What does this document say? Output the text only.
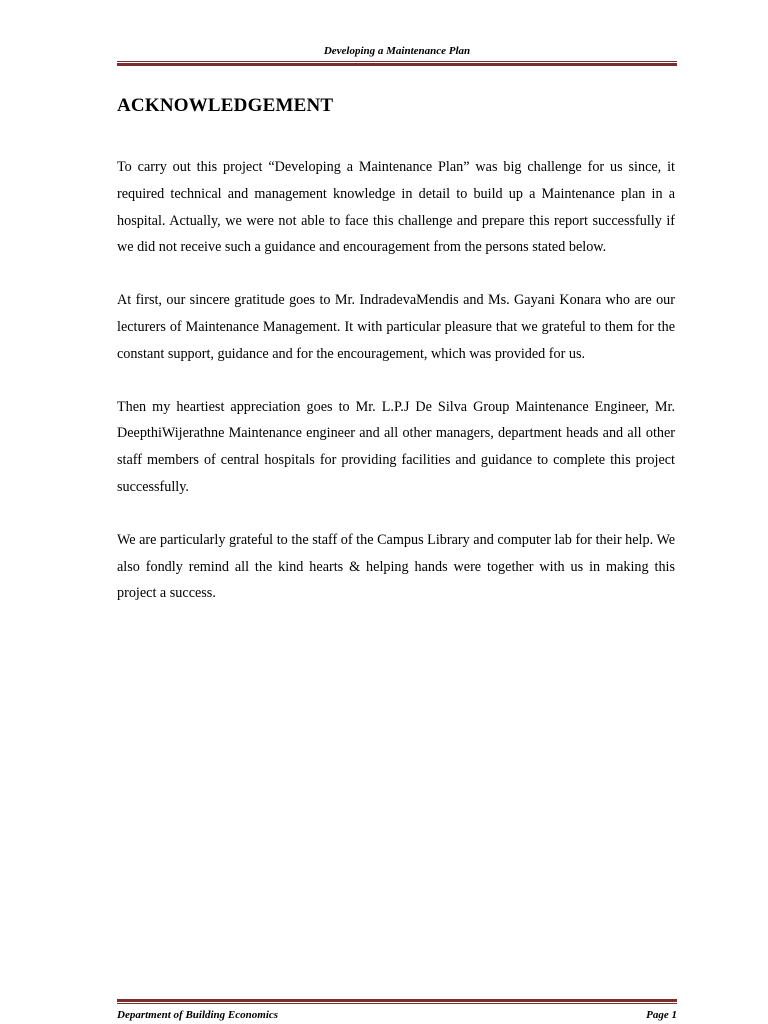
Developing a Maintenance Plan
ACKNOWLEDGEMENT

To carry out this project “Developing a Maintenance Plan” was big challenge for us since, it required technical and management knowledge in detail to build up a Maintenance plan in a hospital. Actually, we were not able to face this challenge and prepare this report successfully if we did not receive such a guidance and encouragement from the persons stated below.

At first, our sincere gratitude goes to Mr. IndradevaMendis and Ms. Gayani Konara who are our lecturers of Maintenance Management. It with particular pleasure that we grateful to them for the constant support, guidance and for the encouragement, which was provided for us.

Then my heartiest appreciation goes to Mr. L.P.J De Silva Group Maintenance Engineer, Mr. DeepthiWijerathne Maintenance engineer and all other managers, department heads and all other staff members of central hospitals for providing facilities and guidance to complete this project successfully.

We are particularly grateful to the staff of the Campus Library and computer lab for their help. We also fondly remind all the kind hearts & helping hands were together with us in making this project a success.

Department of Building Economics	Page 1
